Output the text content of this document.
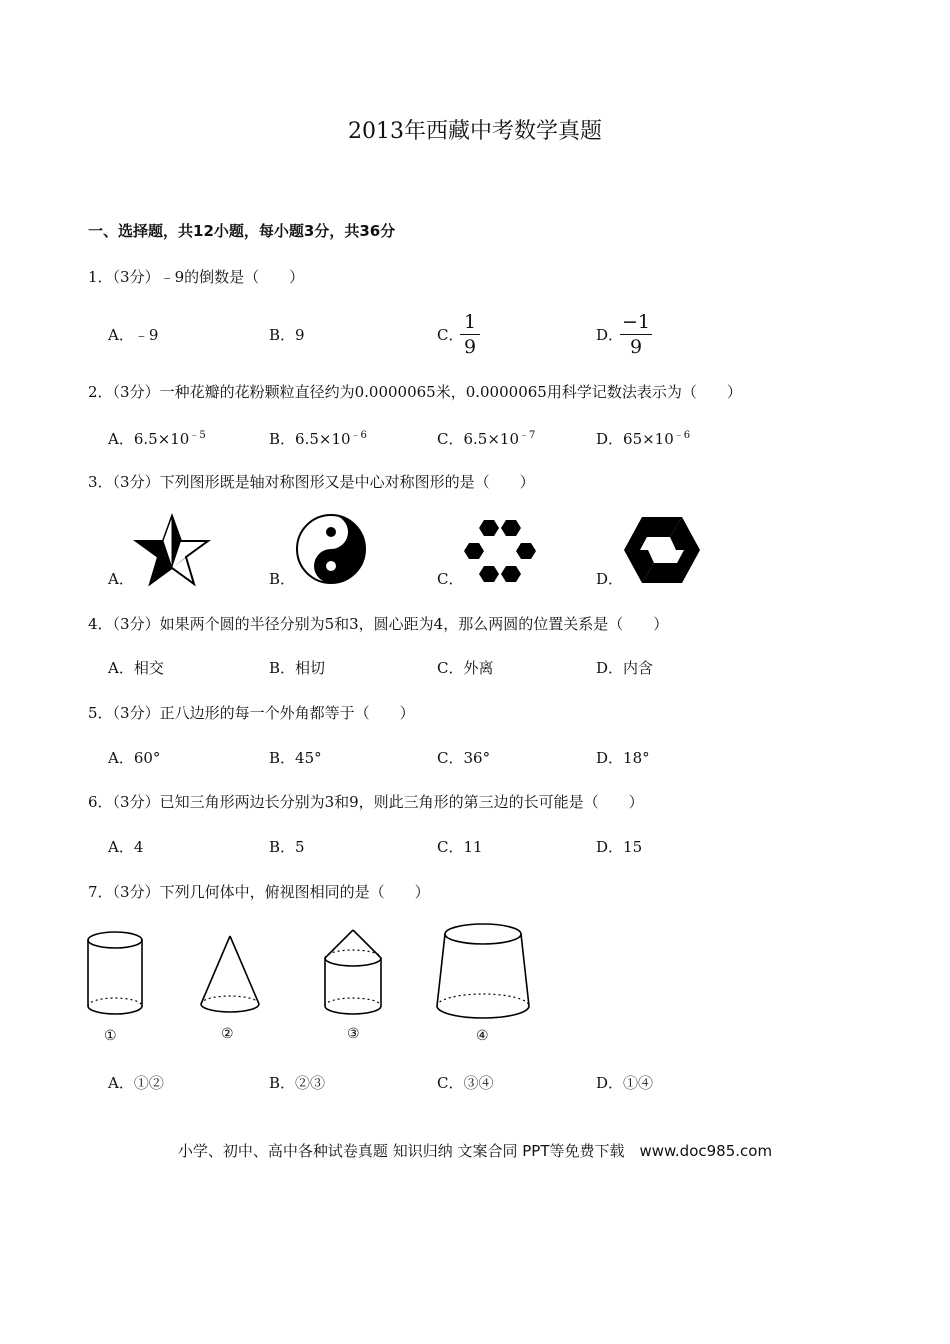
2013年西藏中考数学真题
一、选择题，共12小题，每小题3分，共36分
1．（3分）﹣9的倒数是（　　）
A．﹣9	B．9	C．
1
9
D．
−1
9
2．（3分）一种花瓣的花粉颗粒直径约为0.0000065米，0.0000065用科学记数法表示为（　　）
A．$6.5\times 10^{﹣5}$	B．$6.5\times 10^{﹣6}$	C．$6.5\times 10^{﹣7}$	D．$65\times 10^{﹣6}$
3．（3分）下列图形既是轴对称图形又是中心对称图形的是（　　）
A．	B．	C．	D．
4．（3分）如果两个圆的半径分别为5和3，圆心距为4，那么两圆的位置关系是（　　）
A．相交	B．相切	C．外离	D．内含
5．（3分）正八边形的每一个外角都等于（　　）
A．60°	B．45°	C．36°	D．18°
6．（3分）已知三角形两边长分别为3和9，则此三角形的第三边的长可能是（　　）
A．4	B．5	C．11	D．15
7．（3分）下列几何体中，俯视图相同的是（　　）
①	②	③	④
A．①②	B．②③	C．③④	D．①④
小学、初中、高中各种试卷真题 知识归纳 文案合同 PPT等免费下载　www.doc985.com
